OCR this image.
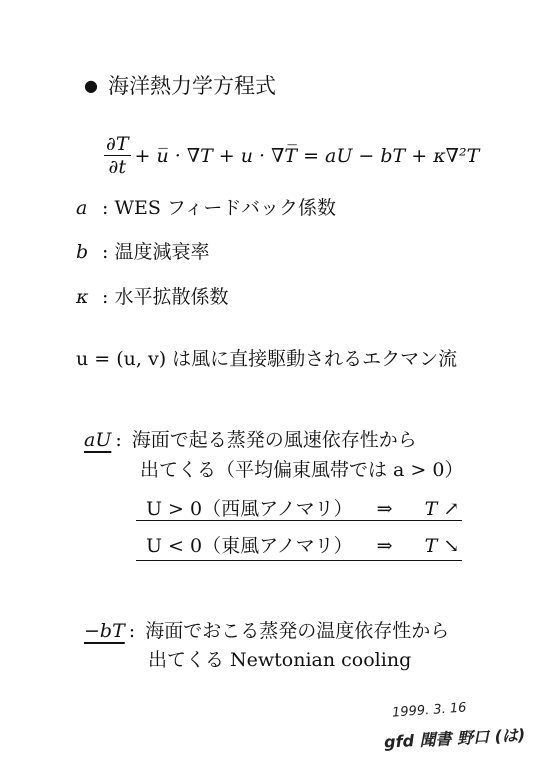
● 海洋熱力学方程式
$\frac{\partial T}{\partial t}$ + u̅ · ∇T + u · ∇T̅ = aU − bT + κ∇²T
a : WES フィードバック係数
b : 温度減衰率
κ : 水平拡散係数
u = (u, v) は風に直接駆動されるエクマン流
aU : 海面で起る蒸発の風速依存性から
出てくる（平均偏東風帯では a > 0）
U > 0（西風アノマリ） ⇒ T ↗
U < 0（東風アノマリ） ⇒ T ↘
−bT : 海面でおこる蒸発の温度依存性から
出てくる Newtonian cooling
1999. 3. 16
gfd 聞書 野口 (は)
